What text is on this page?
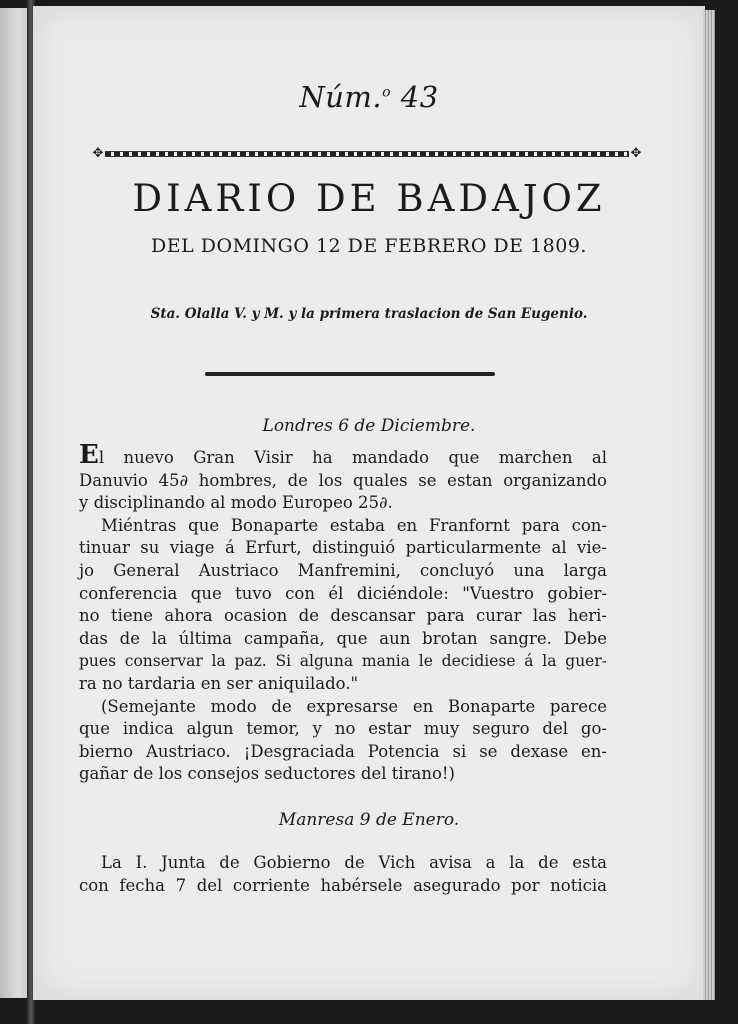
Núm.$^o$ 43
✥	✥
DIARIO DE BADAJOZ
DEL DOMINGO 12 DE FEBRERO DE 1809.
Sta. Olalla V. y M. y la primera traslacion de San Eugenio.
Londres 6 de Diciembre.
El nuevo Gran Visir ha mandado que marchen al
Danuvio 45∂ hombres, de los quales se estan organizando
y disciplinando al modo Europeo 25∂.
Miéntras que Bonaparte estaba en Franfornt para con-
tinuar su viage á Erfurt, distinguió particularmente al vie-
jo General Austriaco Manfremini, concluyó una larga
conferencia que tuvo con él diciéndole: "Vuestro gobier-
no tiene ahora ocasion de descansar para curar las heri-
das de la última campaña, que aun brotan sangre. Debe
pues conservar la paz. Si alguna mania le decidiese á la guer-
ra no tardaria en ser aniquilado."
(Semejante modo de expresarse en Bonaparte parece
que indica algun temor, y no estar muy seguro del go-
bierno Austriaco. ¡Desgraciada Potencia si se dexase en-
gañar de los consejos seductores del tirano!)
Manresa 9 de Enero.
La I. Junta de Gobierno de Vich avisa a la de esta
con fecha 7 del corriente habérsele asegurado por noticia
